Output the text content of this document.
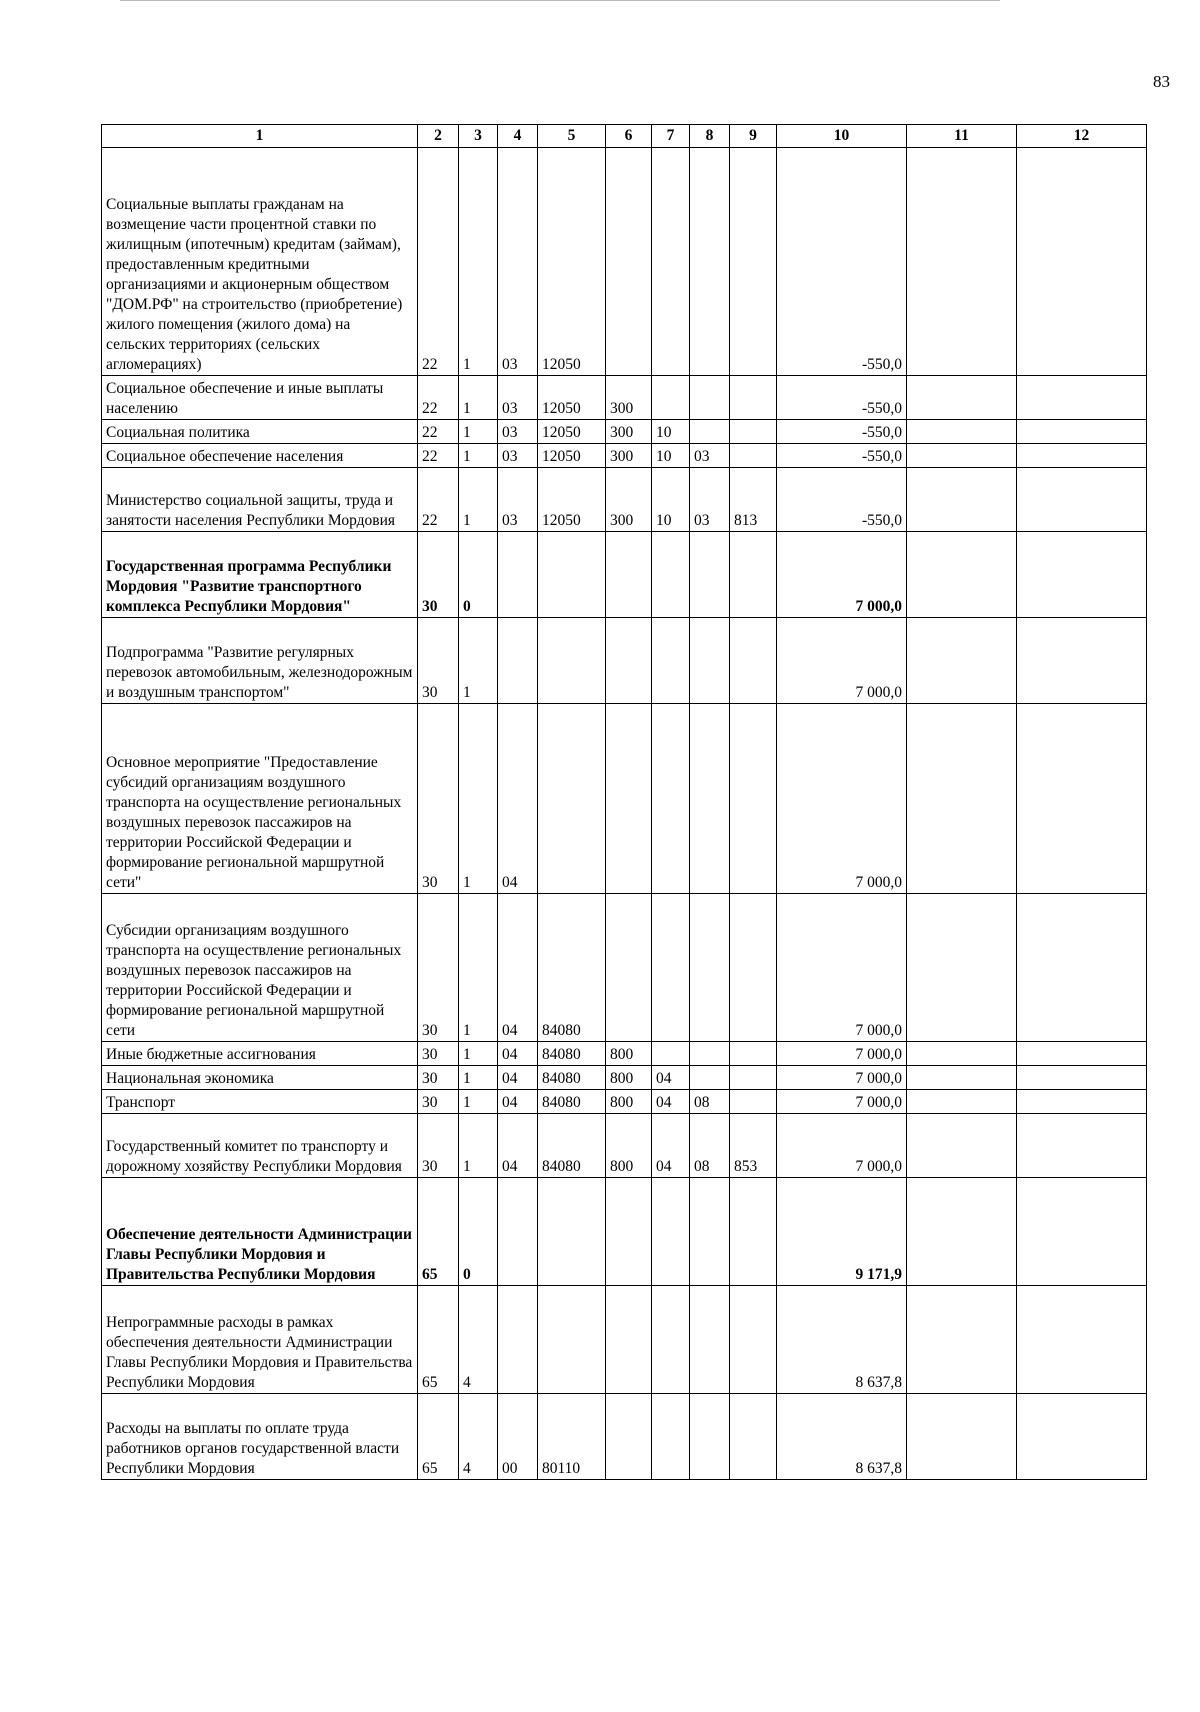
83
1	2	3	4	5	6	7	8	9	10	11	12
Социальные выплаты гражданам на возмещение части процентной ставки по жилищным (ипотечным) кредитам (займам), предоставленным кредитными организациями и акционерным обществом "ДОМ.РФ" на строительство (приобретение) жилого помещения (жилого дома) на сельских территориях (сельских агломерациях)	22	1	03	12050					-550,0		
Социальное обеспечение и иные выплаты населению	22	1	03	12050	300				-550,0		
Социальная политика	22	1	03	12050	300	10			-550,0		
Социальное обеспечение населения	22	1	03	12050	300	10	03		-550,0		
Министерство социальной защиты, труда и занятости населения Республики Мордовия	22	1	03	12050	300	10	03	813	-550,0		
Государственная программа Республики Мордовия "Развитие транспортного комплекса Республики Мордовия"	30	0							7 000,0		
Подпрограмма "Развитие регулярных перевозок автомобильным, железнодорожным и воздушным транспортом"	30	1							7 000,0		
Основное мероприятие "Предоставление субсидий организациям воздушного транспорта на осуществление региональных воздушных перевозок пассажиров на территории Российской Федерации и формирование региональной маршрутной сети"	30	1	04						7 000,0		
Субсидии организациям воздушного транспорта на осуществление региональных воздушных перевозок пассажиров на территории Российской Федерации и формирование региональной маршрутной сети	30	1	04	84080					7 000,0		
Иные бюджетные ассигнования	30	1	04	84080	800				7 000,0		
Национальная экономика	30	1	04	84080	800	04			7 000,0		
Транспорт	30	1	04	84080	800	04	08		7 000,0		
Государственный комитет по транспорту и дорожному хозяйству Республики Мордовия	30	1	04	84080	800	04	08	853	7 000,0		
Обеспечение деятельности Администрации Главы Республики Мордовия и Правительства Республики Мордовия	65	0							9 171,9		
Непрограммные расходы в рамках обеспечения деятельности Администрации Главы Республики Мордовия и Правительства Республики Мордовия	65	4							8 637,8		
Расходы на выплаты по оплате труда работников органов государственной власти Республики Мордовия	65	4	00	80110					8 637,8		
